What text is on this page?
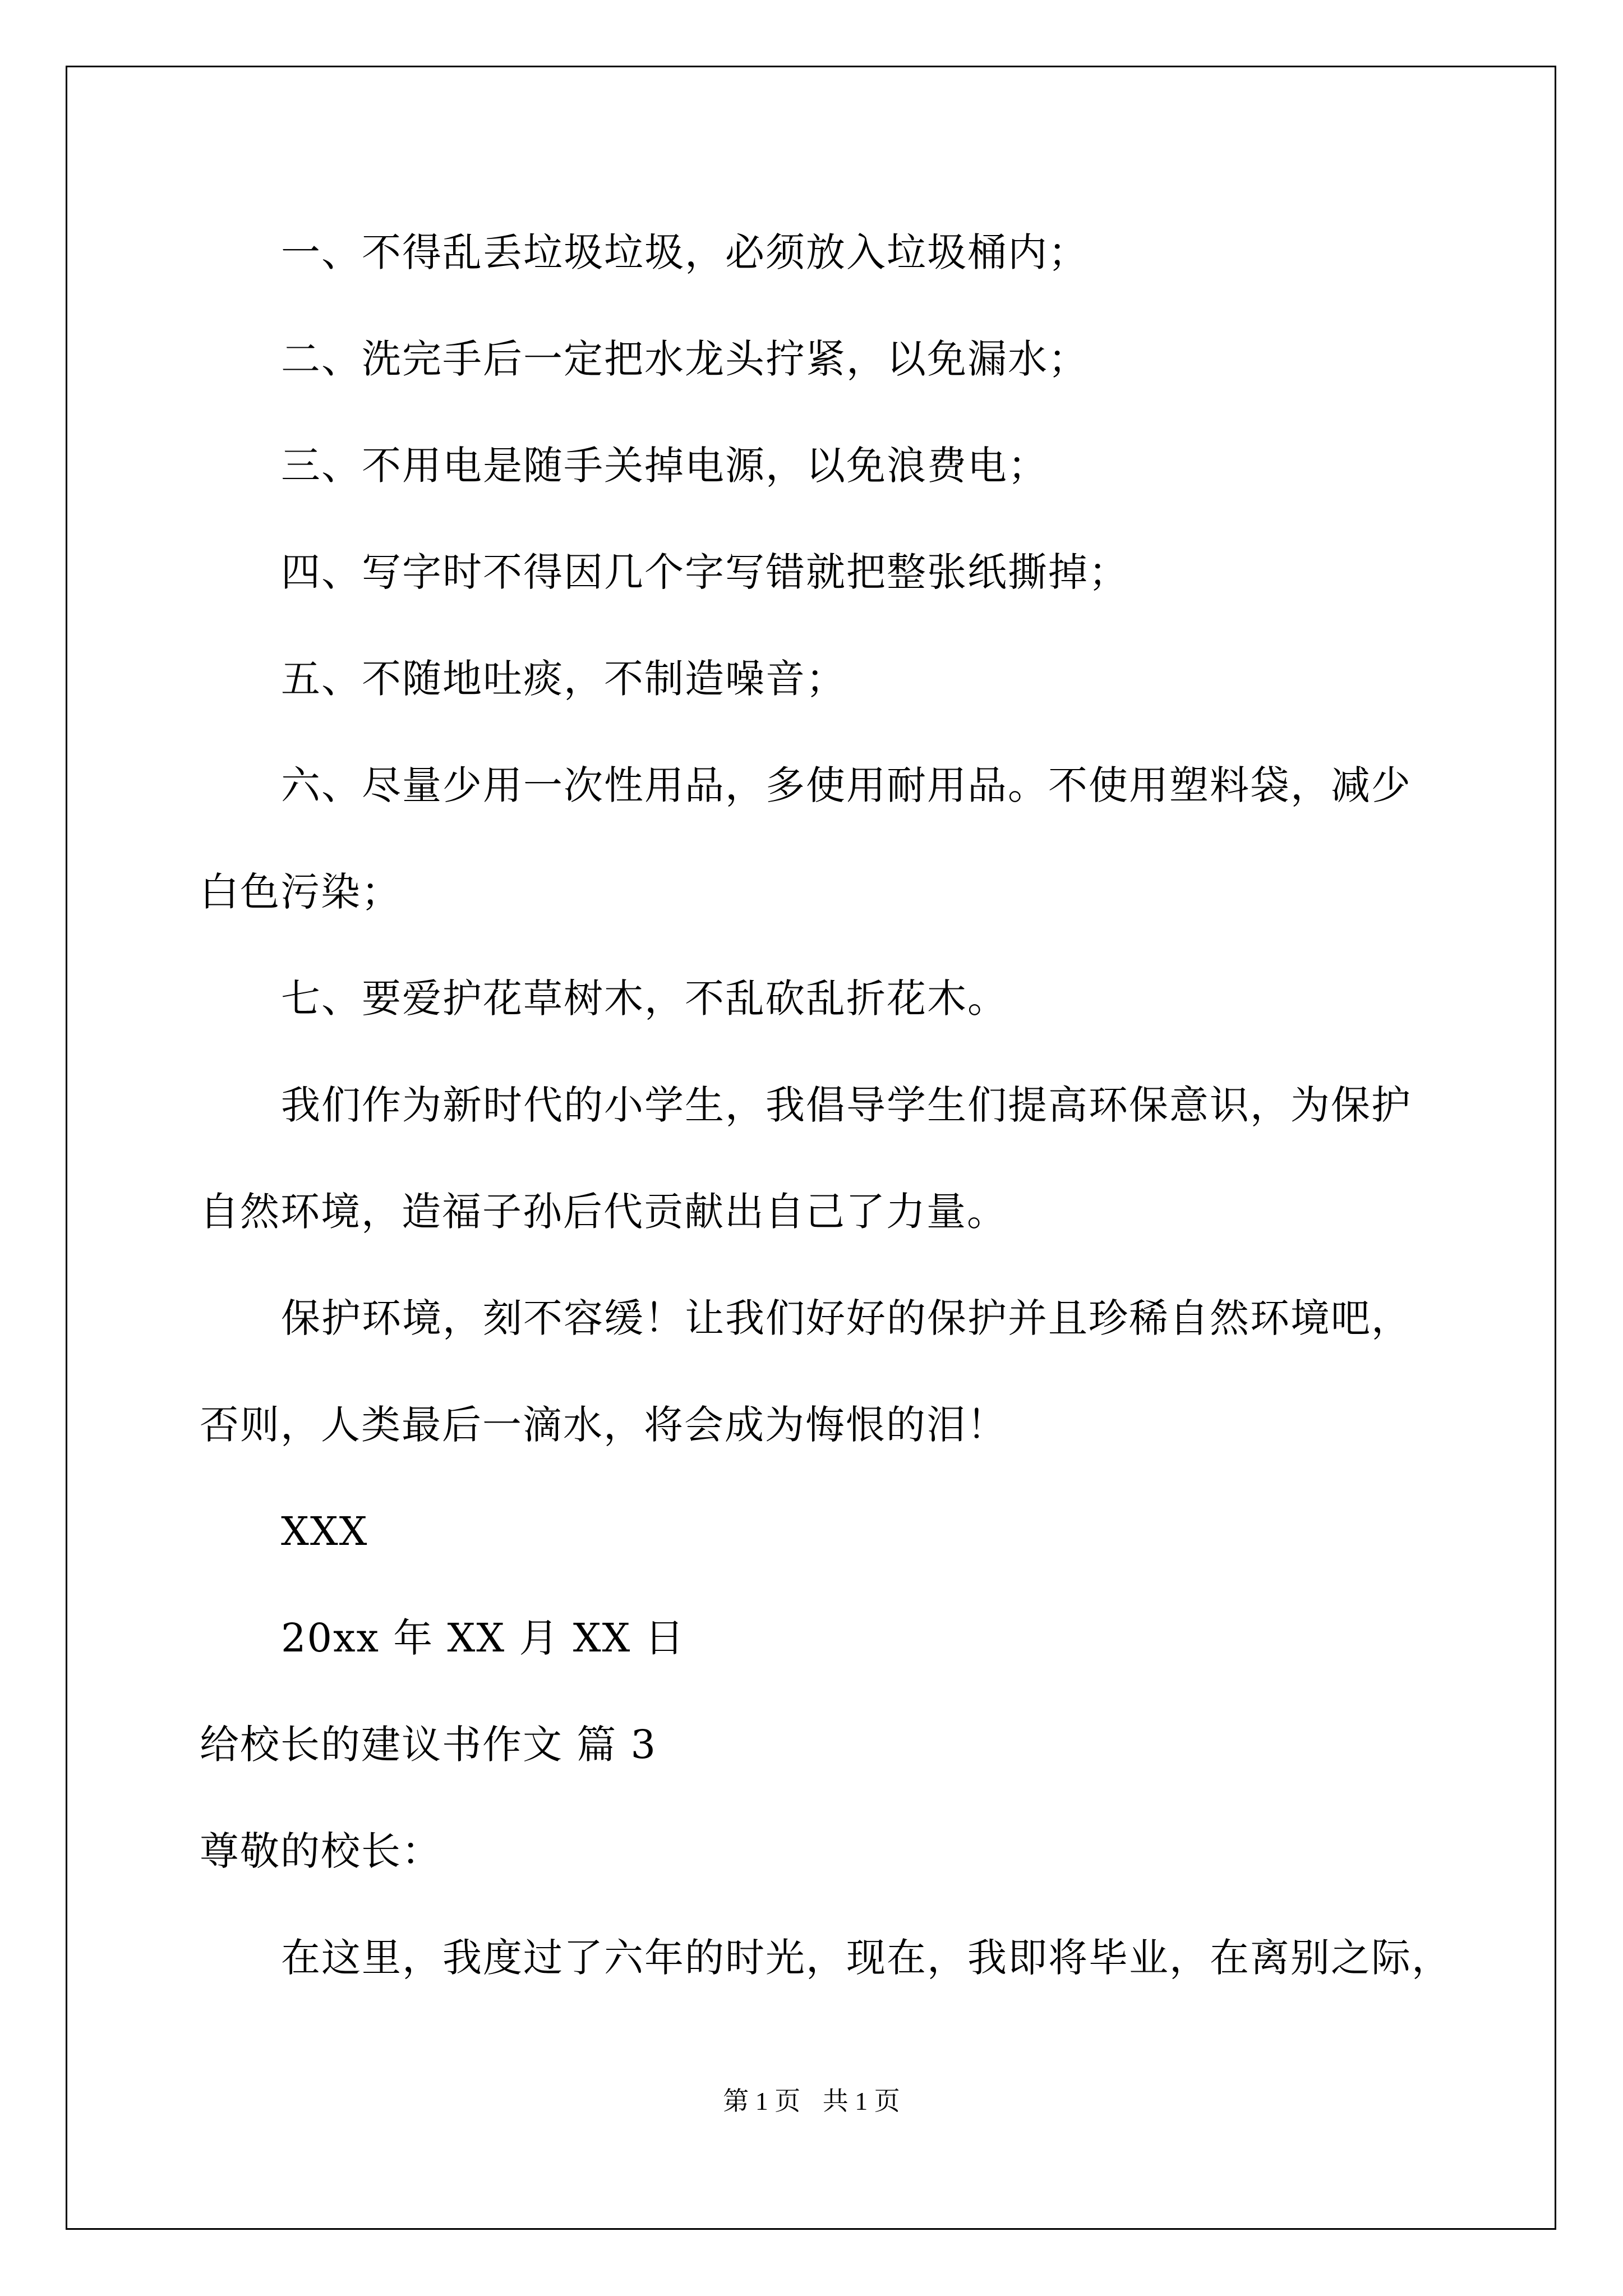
一、不得乱丢垃圾垃圾，必须放入垃圾桶内；
二、洗完手后一定把水龙头拧紧，以免漏水；
三、不用电是随手关掉电源，以免浪费电；
四、写字时不得因几个字写错就把整张纸撕掉；
五、不随地吐痰，不制造噪音；
六、尽量少用一次性用品，多使用耐用品。不使用塑料袋，减少
白色污染；
七、要爱护花草树木，不乱砍乱折花木。
我们作为新时代的小学生，我倡导学生们提高环保意识，为保护
自然环境，造福子孙后代贡献出自己了力量。
保护环境，刻不容缓！让我们好好的保护并且珍稀自然环境吧，
否则，人类最后一滴水，将会成为悔恨的泪！
XXX
20xx 年 XX 月 XX 日
给校长的建议书作文 篇 3
尊敬的校长：
在这里，我度过了六年的时光，现在，我即将毕业，在离别之际，
第 1 页 共 1 页
